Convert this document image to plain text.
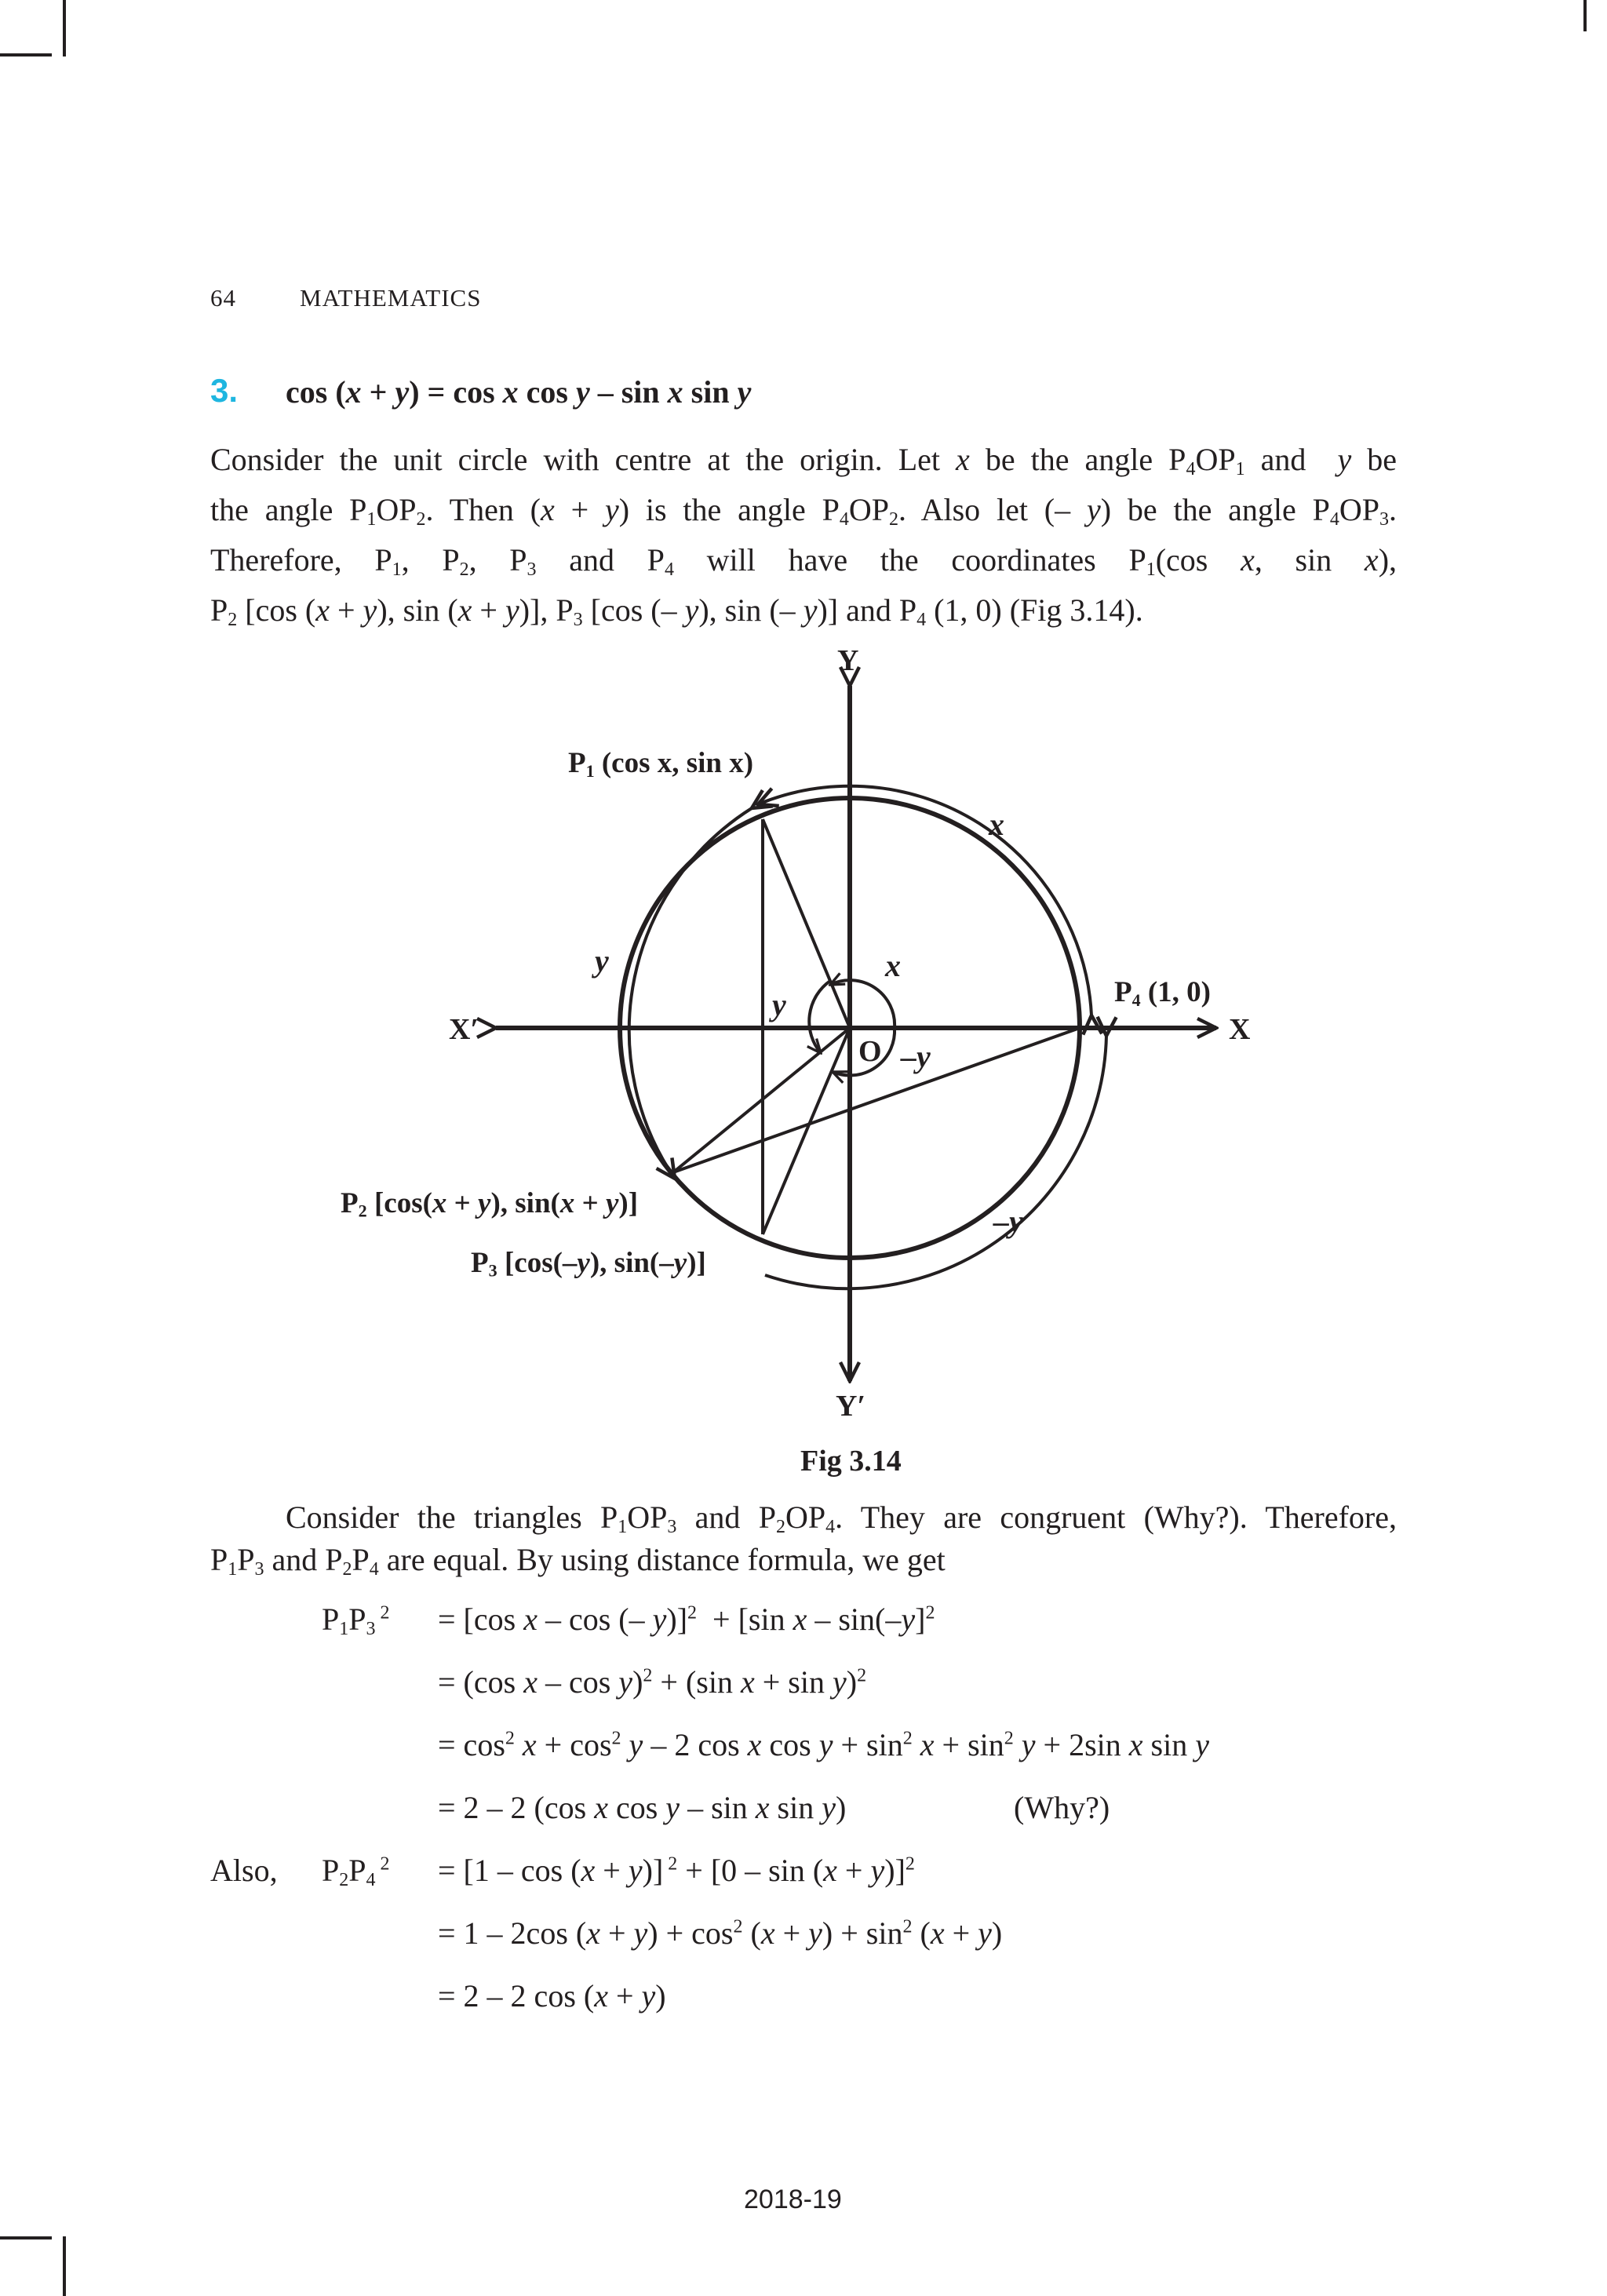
64	MATHEMATICS
3. cos (x + y) = cos x cos y – sin x sin y
Consider the unit circle with centre at the origin. Let x be the angle $P_4OP_1$ and  y be
the angle $P_1OP_2$. Then (x + y) is the angle $P_4OP_2$. Also let (– y) be the angle $P_4OP_3$.
Therefore, $P_1$, $P_2$, $P_3$ and $P_4$ will have the coordinates $P_1(\cos$ x, sin x),
$P_2$ [cos (x + y), sin (x + y)], $P_3$ [cos (– y), sin (– y)] and $P_4$ (1, 0) (Fig 3.14).
Y
Y′
X′	X
O
P1 (cos x, sin x)
P4 (1, 0)
x
y
–y
x
y
–y
$P_2$ [cos(x + y), sin(x + y)]
$P_3$ [cos(–y), sin(–y)]
Fig 3.14
Consider the triangles $P_1OP_3$ and $P_2OP_4$. They are congruent (Why?). Therefore,
$P_1P_3$ and $P_2P_4$ are equal. By using distance formula, we get
$P_1P_3$ $^2$ = [cos x – cos (– y)]$^2$  + [sin x – sin(–y]$^2$
= (cos x – cos y)$^2$ + (sin x + sin y)$^2$
= $\cos^2 x + \cos^2 y - 2$ cos x $\cos y + \sin^2 x + \sin^2 y + 2\sin$ x sin y
= 2 – 2 (cos x cos y – sin x sin y)	(Why?)
Also, $P_2P_4$ $^2$ = [1 – cos (x + y)] $^2 + [0 - \sin (x + y)]^2$
= 1 – 2cos $(x + y) + \cos^2 (x + y) + \sin^2 (x + y)$
= 2 – 2 cos (x + y)
2018-19
